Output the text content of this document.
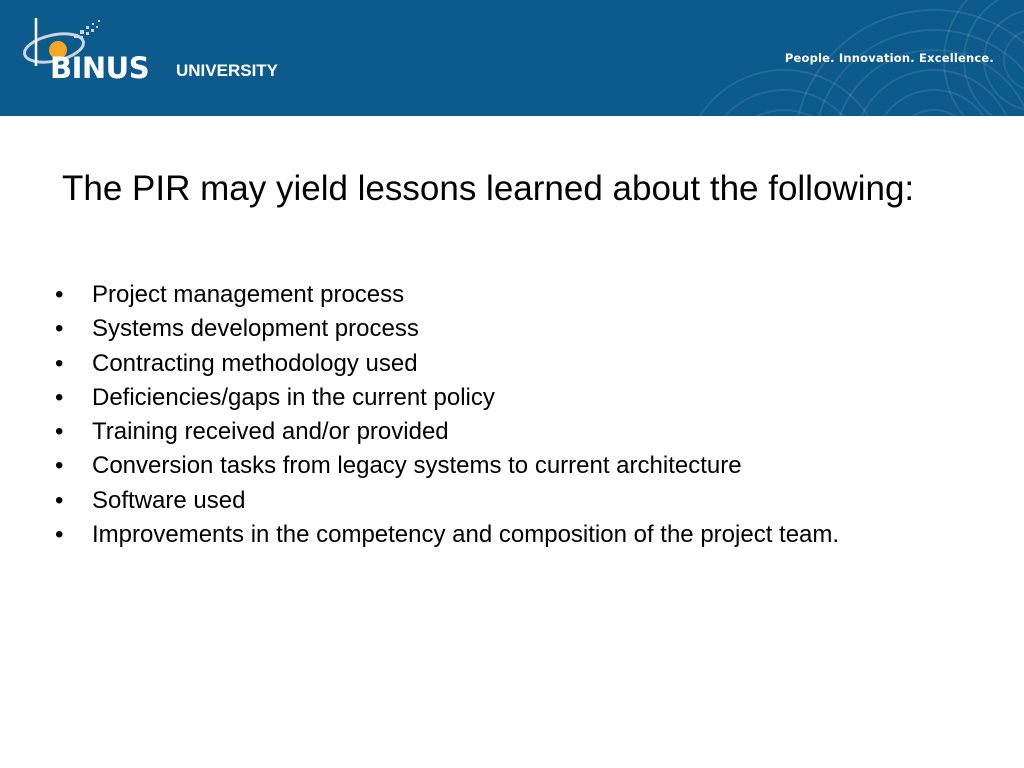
BINUS UNIVERSITY
People. Innovation. Excellence.
The PIR may yield lessons learned about the following:
• Project management process
• Systems development process
• Contracting methodology used
• Deficiencies/gaps in the current policy
• Training received and/or provided
• Conversion tasks from legacy systems to current architecture
• Software used
• Improvements in the competency and composition of the project team.
